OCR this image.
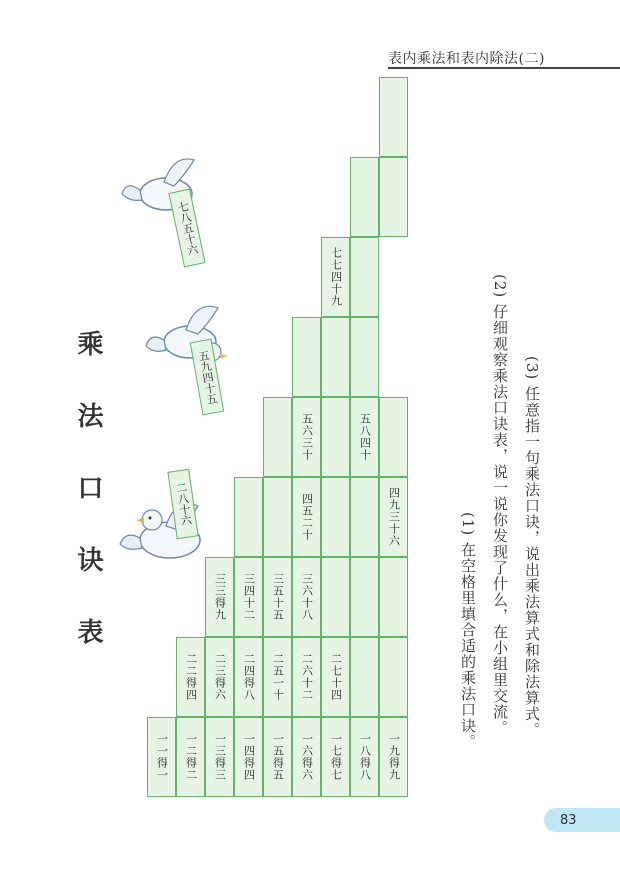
表内乘法和表内除法(二)
乘法口诀表
一一得一	一二得二	一三得三	一四得四	一五得五	一六得六	一七得七	一八得八	一九得九
二二得四	二三得六	二四得八	二五一十	二六十二	二七十四
三三得九	三四十二	三五十五	三六十八
四五二十	四九三十六
五六三十	五八四十
七七四十九
二八十六
五九四十五
七八五十六
(1) 在空格里填合适的乘法口诀。 (2) 仔细观察乘法口诀表，说一说你发现了什么，在小组里交流。 (3) 任意指一句乘法口诀，说出乘法算式和除法算式。
83
